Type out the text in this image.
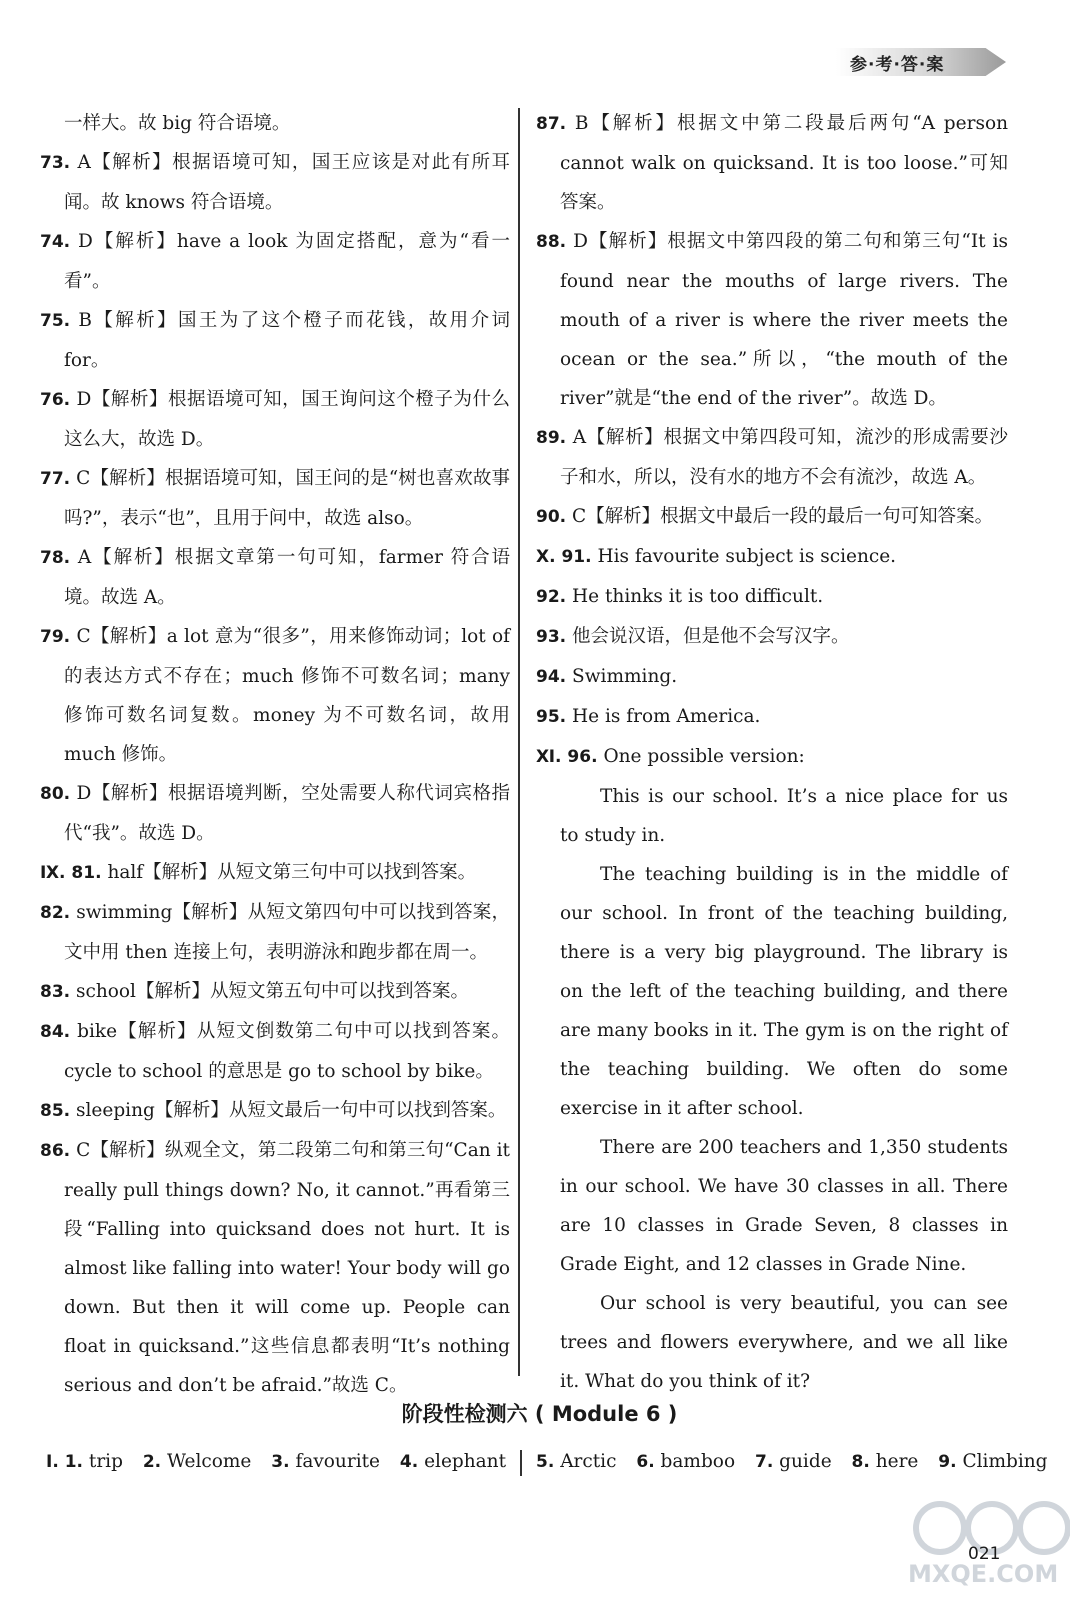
参·考·答·案

一样大。故 big 符合语境。

73. A【解析】根据语境可知，国王应该是对此有所耳闻。故 knows 符合语境。

74. D【解析】have a look 为固定搭配，意为“看一看”。

75. B【解析】国王为了这个橙子而花钱，故用介词 for。

76. D【解析】根据语境可知，国王询问这个橙子为什么这么大，故选 D。

77. C【解析】根据语境可知，国王问的是“树也喜欢故事吗?”，表示“也”，且用于问中，故选 also。

78. A【解析】根据文章第一句可知，farmer 符合语境。故选 A。

79. C【解析】a lot 意为“很多”，用来修饰动词；lot of 的表达方式不存在；much 修饰不可数名词；many 修饰可数名词复数。money 为不可数名词，故用 much 修饰。

80. D【解析】根据语境判断，空处需要人称代词宾格指代“我”。故选 D。

Ⅸ. 81. half【解析】从短文第三句中可以找到答案。

82. swimming【解析】从短文第四句中可以找到答案，文中用 then 连接上句，表明游泳和跑步都在周一。

83. school【解析】从短文第五句中可以找到答案。

84. bike【解析】从短文倒数第二句中可以找到答案。cycle to school 的意思是 go to school by bike。

85. sleeping【解析】从短文最后一句中可以找到答案。

86. C【解析】纵观全文，第二段第二句和第三句“Can it really pull things down? No, it cannot.”再看第三段“Falling into quicksand does not hurt. It is almost like falling into water! Your body will go down. But then it will come up. People can float in quicksand.”这些信息都表明“It’s nothing serious and don’t be afraid.”故选 C。

87. B【解析】根据文中第二段最后两句“A person cannot walk on quicksand. It is too loose.”可知答案。

88. D【解析】根据文中第四段的第二句和第三句“It is found near the mouths of large rivers. The mouth of a river is where the river meets the ocean or the sea.”所以，“the mouth of the river”就是“the end of the river”。故选 D。

89. A【解析】根据文中第四段可知，流沙的形成需要沙子和水，所以，没有水的地方不会有流沙，故选 A。

90. C【解析】根据文中最后一段的最后一句可知答案。

Ⅹ. 91. His favourite subject is science.

92. He thinks it is too difficult.

93. 他会说汉语，但是他不会写汉字。

94. Swimming.

95. He is from America.

Ⅺ. 96. One possible version:

This is our school. It’s a nice place for us to study in.

The teaching building is in the middle of our school. In front of the teaching building, there is a very big playground. The library is on the left of the teaching building, and there are many books in it. The gym is on the right of the teaching building. We often do some exercise in it after school.

There are 200 teachers and 1,350 students in our school. We have 30 classes in all. There are 10 classes in Grade Seven, 8 classes in Grade Eight, and 12 classes in Grade Nine.

Our school is very beautiful, you can see trees and flowers everywhere, and we all like it. What do you think of it?

阶段性检测六 ( Module 6 )
Ⅰ. 1. trip 2. Welcome 3. favourite 4. elephant 5. Arctic 6. bamboo 7. guide 8. here 9. Climbing
MXQE.COM
021
